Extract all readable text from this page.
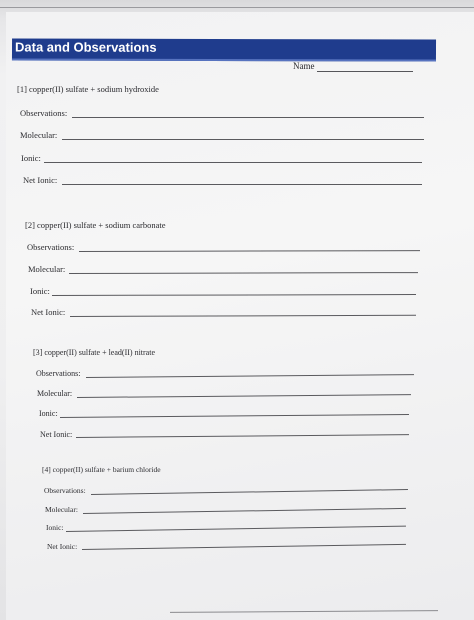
Data and Observations
Name
[1] copper(II) sulfate + sodium hydroxide
Observations:
Molecular:
Ionic:
Net Ionic:
[2] copper(II) sulfate + sodium carbonate
Observations:
Molecular:
Ionic:
Net Ionic:
[3] copper(II) sulfate + lead(II) nitrate
Observations:
Molecular:
Ionic:
Net Ionic:
[4] copper(II) sulfate + barium chloride
Observations:
Molecular:
Ionic:
Net Ionic:
